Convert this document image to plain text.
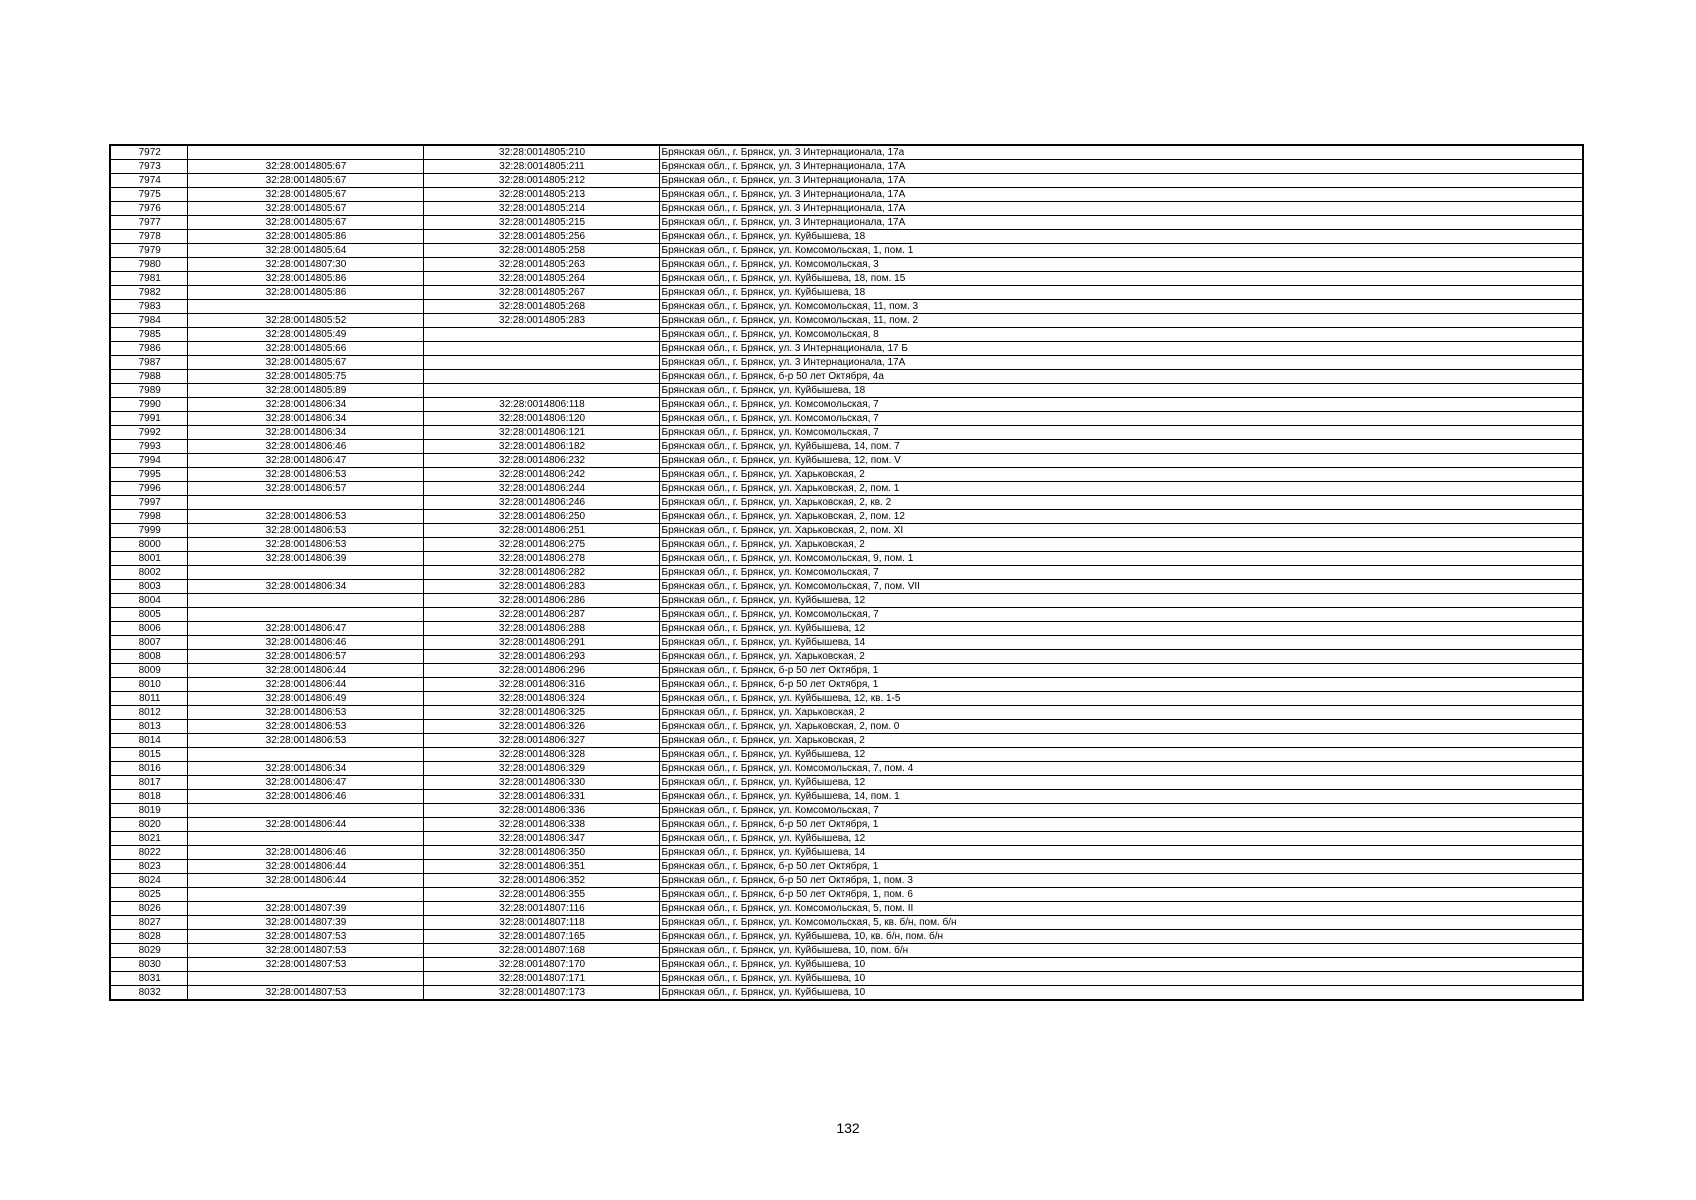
7972		32:28:0014805:210	Брянская обл., г. Брянск, ул. 3 Интернационала, 17а
7973	32:28:0014805:67	32:28:0014805:211	Брянская обл., г. Брянск, ул. 3 Интернационала, 17А
7974	32:28:0014805:67	32:28:0014805:212	Брянская обл., г. Брянск, ул. 3 Интернационала, 17А
7975	32:28:0014805:67	32:28:0014805:213	Брянская обл., г. Брянск, ул. 3 Интернационала, 17А
7976	32:28:0014805:67	32:28:0014805:214	Брянская обл., г. Брянск, ул. 3 Интернационала, 17А
7977	32:28:0014805:67	32:28:0014805:215	Брянская обл., г. Брянск, ул. 3 Интернационала, 17А
7978	32:28:0014805:86	32:28:0014805:256	Брянская обл., г. Брянск, ул. Куйбышева, 18
7979	32:28:0014805:64	32:28:0014805:258	Брянская обл., г. Брянск, ул. Комсомольская, 1, пом. 1
7980	32:28:0014807:30	32:28:0014805:263	Брянская обл., г. Брянск, ул. Комсомольская, 3
7981	32:28:0014805:86	32:28:0014805:264	Брянская обл., г. Брянск, ул. Куйбышева, 18, пом. 15
7982	32:28:0014805:86	32:28:0014805:267	Брянская обл., г. Брянск, ул. Куйбышева, 18
7983		32:28:0014805:268	Брянская обл., г. Брянск, ул. Комсомольская, 11, пом. 3
7984	32:28:0014805:52	32:28:0014805:283	Брянская обл., г. Брянск, ул. Комсомольская, 11, пом. 2
7985	32:28:0014805:49		Брянская обл., г. Брянск, ул. Комсомольская, 8
7986	32:28:0014805:66		Брянская обл., г. Брянск, ул. 3 Интернационала, 17 Б
7987	32:28:0014805:67		Брянская обл., г. Брянск, ул. 3 Интернационала, 17А
7988	32:28:0014805:75		Брянская обл., г. Брянск, б-р 50 лет Октября, 4а
7989	32:28:0014805:89		Брянская обл., г. Брянск, ул. Куйбышева, 18
7990	32:28:0014806:34	32:28:0014806:118	Брянская обл., г. Брянск, ул. Комсомольская, 7
7991	32:28:0014806:34	32:28:0014806:120	Брянская обл., г. Брянск, ул. Комсомольская, 7
7992	32:28:0014806:34	32:28:0014806:121	Брянская обл., г. Брянск, ул. Комсомольская, 7
7993	32:28:0014806:46	32:28:0014806:182	Брянская обл., г. Брянск, ул. Куйбышева, 14, пом. 7
7994	32:28:0014806:47	32:28:0014806:232	Брянская обл., г. Брянск, ул. Куйбышева, 12, пом. V
7995	32:28:0014806:53	32:28:0014806:242	Брянская обл., г. Брянск, ул. Харьковская, 2
7996	32:28:0014806:57	32:28:0014806:244	Брянская обл., г. Брянск, ул. Харьковская, 2, пом. 1
7997		32:28:0014806:246	Брянская обл., г. Брянск, ул. Харьковская, 2, кв. 2
7998	32:28:0014806:53	32:28:0014806:250	Брянская обл., г. Брянск, ул. Харьковская, 2, пом. 12
7999	32:28:0014806:53	32:28:0014806:251	Брянская обл., г. Брянск, ул. Харьковская, 2, пом. XI
8000	32:28:0014806:53	32:28:0014806:275	Брянская обл., г. Брянск, ул. Харьковская, 2
8001	32:28:0014806:39	32:28:0014806:278	Брянская обл., г. Брянск, ул. Комсомольская, 9, пом. 1
8002		32:28:0014806:282	Брянская обл., г. Брянск, ул. Комсомольская, 7
8003	32:28:0014806:34	32:28:0014806:283	Брянская обл., г. Брянск, ул. Комсомольская, 7, пом. VII
8004		32:28:0014806:286	Брянская обл., г. Брянск, ул. Куйбышева, 12
8005		32:28:0014806:287	Брянская обл., г. Брянск, ул. Комсомольская, 7
8006	32:28:0014806:47	32:28:0014806:288	Брянская обл., г. Брянск, ул. Куйбышева, 12
8007	32:28:0014806:46	32:28:0014806:291	Брянская обл., г. Брянск, ул. Куйбышева, 14
8008	32:28:0014806:57	32:28:0014806:293	Брянская обл., г. Брянск, ул. Харьковская, 2
8009	32:28:0014806:44	32:28:0014806:296	Брянская обл., г. Брянск, б-р 50 лет Октября, 1
8010	32:28:0014806:44	32:28:0014806:316	Брянская обл., г. Брянск, б-р 50 лет Октября, 1
8011	32:28:0014806:49	32:28:0014806:324	Брянская обл., г. Брянск, ул. Куйбышева, 12, кв. 1-5
8012	32:28:0014806:53	32:28:0014806:325	Брянская обл., г. Брянск, ул. Харьковская, 2
8013	32:28:0014806:53	32:28:0014806:326	Брянская обл., г. Брянск, ул. Харьковская, 2, пом. 0
8014	32:28:0014806:53	32:28:0014806:327	Брянская обл., г. Брянск, ул. Харьковская, 2
8015		32:28:0014806:328	Брянская обл., г. Брянск, ул. Куйбышева, 12
8016	32:28:0014806:34	32:28:0014806:329	Брянская обл., г. Брянск, ул. Комсомольская, 7, пом. 4
8017	32:28:0014806:47	32:28:0014806:330	Брянская обл., г. Брянск, ул. Куйбышева, 12
8018	32:28:0014806:46	32:28:0014806:331	Брянская обл., г. Брянск, ул. Куйбышева, 14, пом. 1
8019		32:28:0014806:336	Брянская обл., г. Брянск, ул. Комсомольская, 7
8020	32:28:0014806:44	32:28:0014806:338	Брянская обл., г. Брянск, б-р 50 лет Октября, 1
8021		32:28:0014806:347	Брянская обл., г. Брянск, ул. Куйбышева, 12
8022	32:28:0014806:46	32:28:0014806:350	Брянская обл., г. Брянск, ул. Куйбышева, 14
8023	32:28:0014806:44	32:28:0014806:351	Брянская обл., г. Брянск, б-р 50 лет Октября, 1
8024	32:28:0014806:44	32:28:0014806:352	Брянская обл., г. Брянск, б-р 50 лет Октября, 1, пом. 3
8025		32:28:0014806:355	Брянская обл., г. Брянск, б-р 50 лет Октября, 1, пом. 6
8026	32:28:0014807:39	32:28:0014807:116	Брянская обл., г. Брянск, ул. Комсомольская, 5, пом. II
8027	32:28:0014807:39	32:28:0014807:118	Брянская обл., г. Брянск, ул. Комсомольская, 5, кв. б/н, пом. б/н
8028	32:28:0014807:53	32:28:0014807:165	Брянская обл., г. Брянск, ул. Куйбышева, 10, кв. б/н, пом. б/н
8029	32:28:0014807:53	32:28:0014807:168	Брянская обл., г. Брянск, ул. Куйбышева, 10, пом. б/н
8030	32:28:0014807:53	32:28:0014807:170	Брянская обл., г. Брянск, ул. Куйбышева, 10
8031		32:28:0014807:171	Брянская обл., г. Брянск, ул. Куйбышева, 10
8032	32:28:0014807:53	32:28:0014807:173	Брянская обл., г. Брянск, ул. Куйбышева, 10
132
